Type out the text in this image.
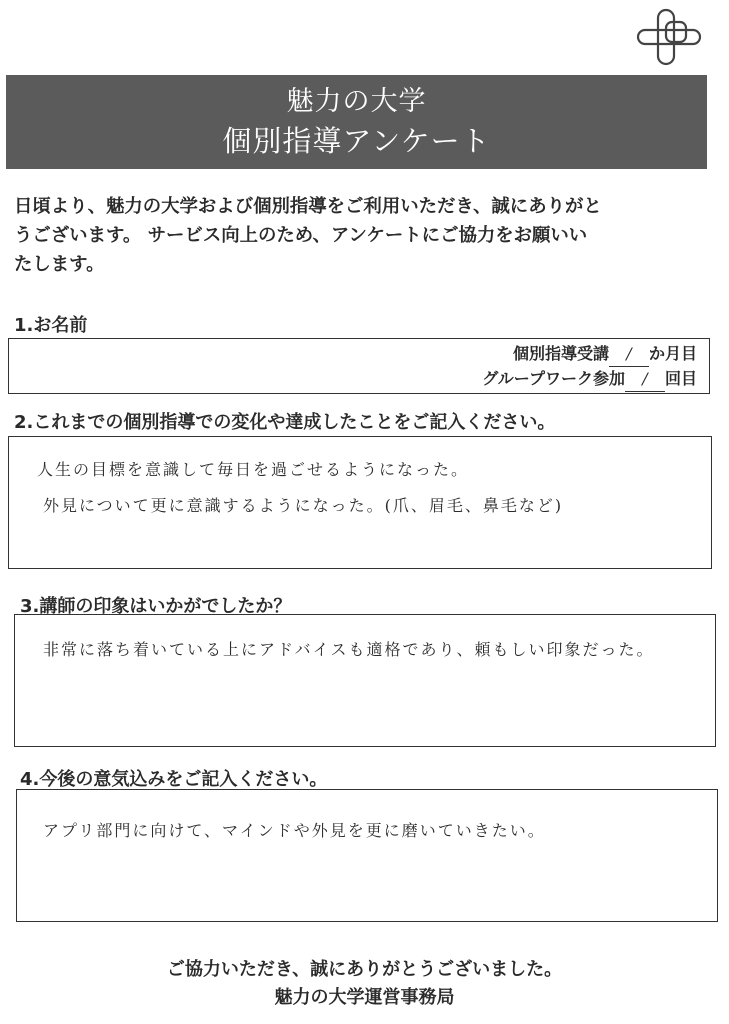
魅力の大学
個別指導アンケート
日頃より、魅力の大学および個別指導をご利用いただき、誠にありがと
うございます。 サービス向上のため、アンケートにご協力をお願いい
たします。
1.お名前
個別指導受講 / か月目
グループワーク参加 / 回目
2.これまでの個別指導での変化や達成したことをご記入ください。
人生の目標を意識して毎日を過ごせるようになった。
外見について更に意識するようになった。(爪、眉毛、鼻毛など)
3.講師の印象はいかがでしたか？
非常に落ち着いている上にアドバイスも適格であり、頼もしい印象だった。
4.今後の意気込みをご記入ください。
アプリ部門に向けて、マインドや外見を更に磨いていきたい。
ご協力いただき、誠にありがとうございました。
魅力の大学運営事務局
